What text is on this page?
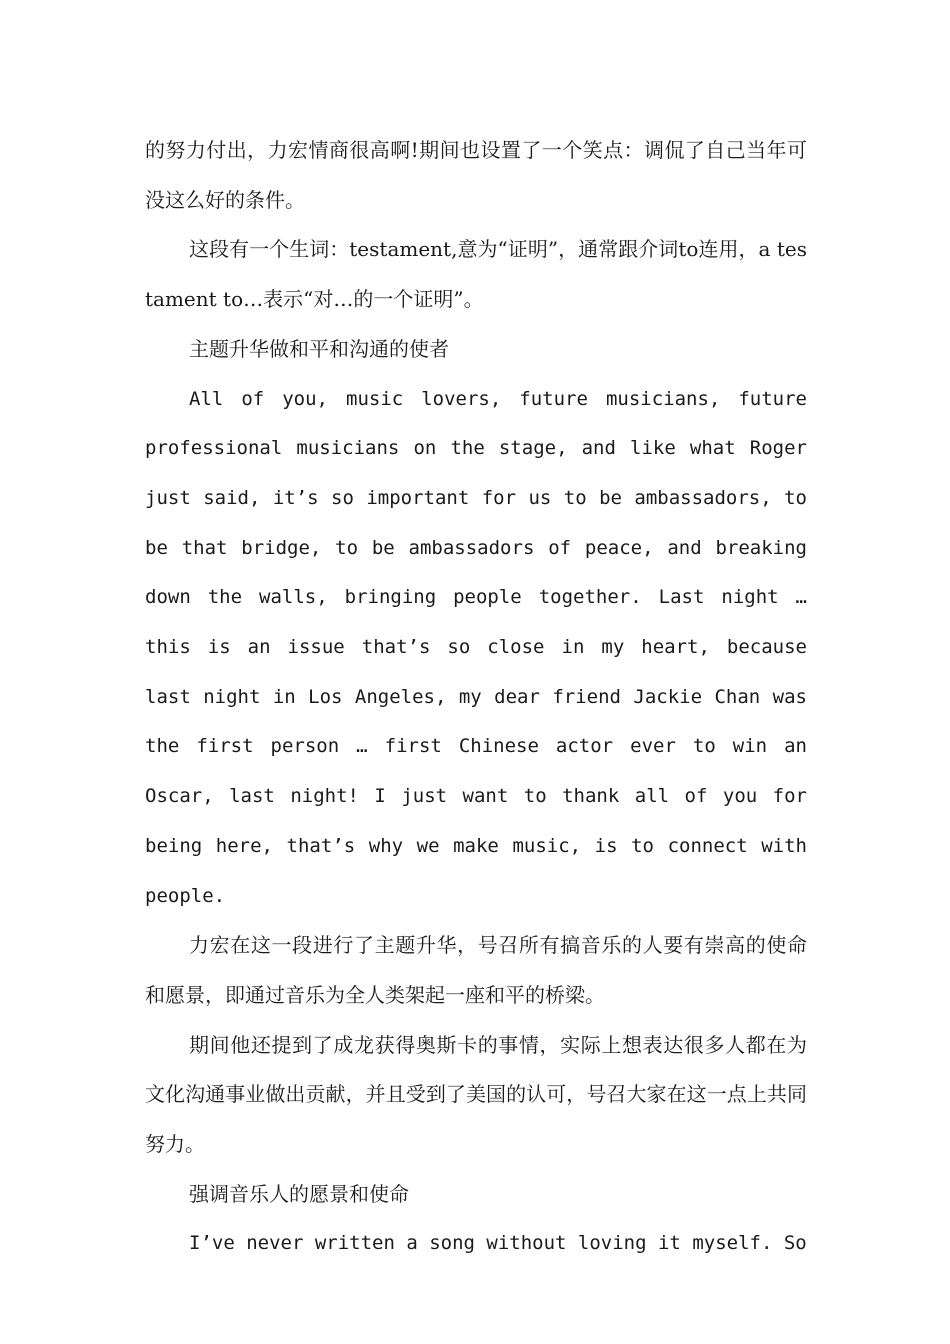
的努力付出，力宏情商很高啊!期间也设置了一个笑点：调侃了自己当年可没这么好的条件。

这段有一个生词：testament,意为“证明”，通常跟介词to连用，a testament to…表示“对…的一个证明”。

主题升华做和平和沟通的使者

All of you, music lovers, future musicians, future professional musicians on the stage, and like what Roger just said, it’s so important for us to be ambassadors, to be that bridge, to be ambassadors of peace, and breaking down the walls, bringing people together. Last night … this is an issue that’s so close in my heart, because last night in Los Angeles, my dear friend Jackie Chan was the first person … first Chinese actor ever to win an Oscar, last night! I just want to thank all of you for being here, that’s why we make music, is to connect with people.

力宏在这一段进行了主题升华，号召所有搞音乐的人要有崇高的使命和愿景，即通过音乐为全人类架起一座和平的桥梁。

期间他还提到了成龙获得奥斯卡的事情，实际上想表达很多人都在为文化沟通事业做出贡献，并且受到了美国的认可，号召大家在这一点上共同努力。

强调音乐人的愿景和使命

I’ve never written a song without loving it myself. So
